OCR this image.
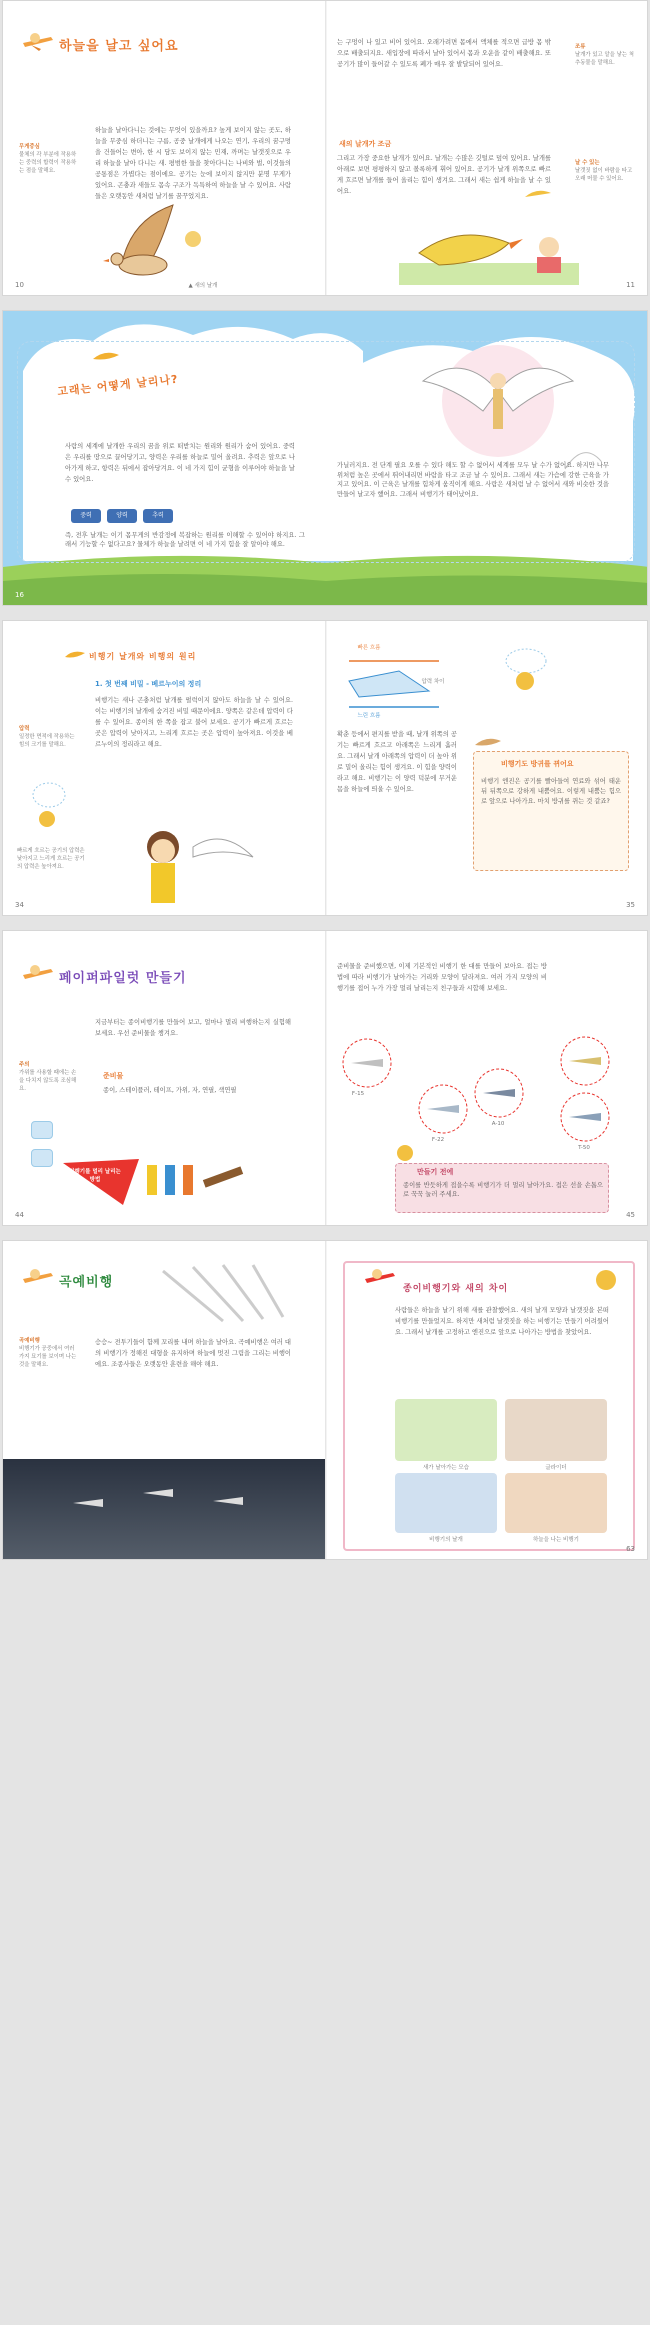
하늘을 날고 싶어요
하늘을 날아다니는 것에는 무엇이 있을까요? 높게 보이지 않는 곳도, 하늘을 무중심 하더니는 구름, 공중 날개에게 나오는 연기, 우리의 꿈구멍을 건들어는 변아, 한 시 담도 보이지 않는 민재, 까며는 날갯짓으로 우리 하늘을 날아 다니는 새. 평범한 들을 찾아다니는 나비와 벌, 이것들의 공통점은 가볍다는 점이에요. 공기는 눈에 보이지 않지만 분명 무게가 있어요. 곤충과 새들도 몸속 구조가 독특하여 하늘을 날 수 있어요. 사람들은 오랫동안 새처럼 날기를 꿈꾸었지요.
무게중심
물체의 각 부분에 작용하는 중력의 합력이 작용하는 점을 말해요.
▲ 새의 날개
10
는 구멍이 나 있고 비어 있어요. 오래가려면 몸에서 액체를 적으면 급방 몸 밖으로 배출되지요. 새입장에 따라서 날아 있어서 몸과 오운을 같이 배출해요. 또 공기가 많이 들어갈 수 있도록 폐가 매우 잘 발달되어 있어요.
새의 날개가 조금
그리고 가장 중요한 날개가 있어요. 날개는 수많은 깃털로 덮여 있어요. 날개를 아래로 보면 평평하지 않고 볼록하게 휘어 있어요. 공기가 날개 위쪽으로 빠르게 흐르면 날개를 들어 올리는 힘이 생겨요. 그래서 새는 쉽게 하늘을 날 수 있어요.
조류
날개가 있고 알을 낳는 척추동물을 말해요.
날 수 있는
날갯짓 없이 바람을 타고 오래 머물 수 있어요.
11
고래는 어떻게 날리나?
사람의 세계에 날개한 우리의 꿈을 위로 떠받치는 원리와 원리가 숨어 있어요. 중력은 우리를 땅으로 끌어당기고, 양력은 우리를 하늘로 밀어 올려요. 추력은 앞으로 나아가게 하고, 항력은 뒤에서 잡아당겨요. 이 네 가지 힘이 균형을 이루어야 하늘을 날 수 있어요.
중력	양력	추력
즉, 전후 날개는 이기 몸무게의 반감정에 복잡하는 원리를 이해할 수 있어야 하지요. 그래서 기능할 수 없다고요? 물체가 하늘을 날려면 이 네 가지 힘을 잘 알아야 해요.
가닐러지요. 전 단계 필요 오를 수 있다 해도 할 수 없어서 세계를 모두 날 수가 없어요. 하지만 나무 위처럼 높은 곳에서 뛰어내리면 바람을 타고 조금 날 수 있어요. 그래서 새는 가슴에 강한 근육을 가지고 있어요. 이 근육은 날개를 힘차게 움직이게 해요. 사람은 새처럼 날 수 없어서 새와 비슷한 것을 만들어 날고자 했어요. 그래서 비행기가 태어났어요.
16
비행기 날개와 비행의 원리
1. 첫 번째 비밀 - 베르누이의 정리
비행기는 새나 곤충처럼 날개를 펄럭이지 않아도 하늘을 날 수 있어요. 이는 비행기의 날개에 숨겨진 비밀 때문이에요. 양쪽은 같은데 압력이 다를 수 있어요. 종이의 한 쪽을 잡고 불어 보세요. 공기가 빠르게 흐르는 곳은 압력이 낮아지고, 느리게 흐르는 곳은 압력이 높아져요. 이것을 베르누이의 정리라고 해요.
압력
일정한 면적에 작용하는 힘의 크기를 말해요.
빠르게 흐르는 공기의 압력은 낮아지고 느리게 흐르는 공기의 압력은 높아져요.
34
빠른 흐름
압력 차이
느린 흐름
확춘 등에서 편지를 받을 때, 날개 위쪽의 공기는 빠르게 흐르고 아래쪽은 느리게 흘러요. 그래서 날개 아래쪽의 압력이 더 높아 위로 밀어 올리는 힘이 생겨요. 이 힘을 양력이라고 해요. 비행기는 이 양력 덕분에 무거운 몸을 하늘에 띄울 수 있어요.
비행기도 방귀를 뀌어요
비행기 엔진은 공기를 빨아들여 연료와 섞어 태운 뒤 뒤쪽으로 강하게 내뿜어요. 이렇게 내뿜는 힘으로 앞으로 나아가요. 마치 방귀를 뀌는 것 같죠?
35
페이퍼파일럿 만들기
지금부터는 종이비행기를 만들어 보고, 얼마나 멀리 비행하는지 실험해 보세요. 우선 준비물을 챙겨요.
준비물
종이, 스테이플러, 테이프, 가위, 자, 연필, 색연필
주의
가위를 사용할 때에는 손을 다치지 않도록 조심해요.
비행기를 멀리 날리는 방법
44
준비물을 준비했으면, 이제 기본적인 비행기 한 대를 만들어 보아요. 접는 방법에 따라 비행기가 날아가는 거리와 모양이 달라져요. 여러 가지 모양의 비행기를 접어 누가 가장 멀리 날리는지 친구들과 시합해 보세요.
F-15
F-22
A-10
T-50
만들기 전에
종이를 반듯하게 접을수록 비행기가 더 멀리 날아가요. 접은 선을 손톱으로 꾹꾹 눌러 주세요.
45
곡예비행
승승~ 전투기들이 함께 꼬리를 내며 하늘을 날아요. 곡예비행은 여러 대의 비행기가 정해진 대형을 유지하며 하늘에 멋진 그림을 그리는 비행이에요. 조종사들은 오랫동안 훈련을 해야 해요.
곡예비행
비행기가 공중에서 여러 가지 묘기를 보이며 나는 것을 말해요.
종이비행기와 새의 차이
사람들은 하늘을 날기 위해 새를 관찰했어요. 새의 날개 모양과 날갯짓을 본떠 비행기를 만들었지요. 하지만 새처럼 날갯짓을 하는 비행기는 만들기 어려웠어요. 그래서 날개를 고정하고 엔진으로 앞으로 나아가는 방법을 찾았어요.
새가 날아가는 모습	글라이더
비행기의 날개	하늘을 나는 비행기
63
